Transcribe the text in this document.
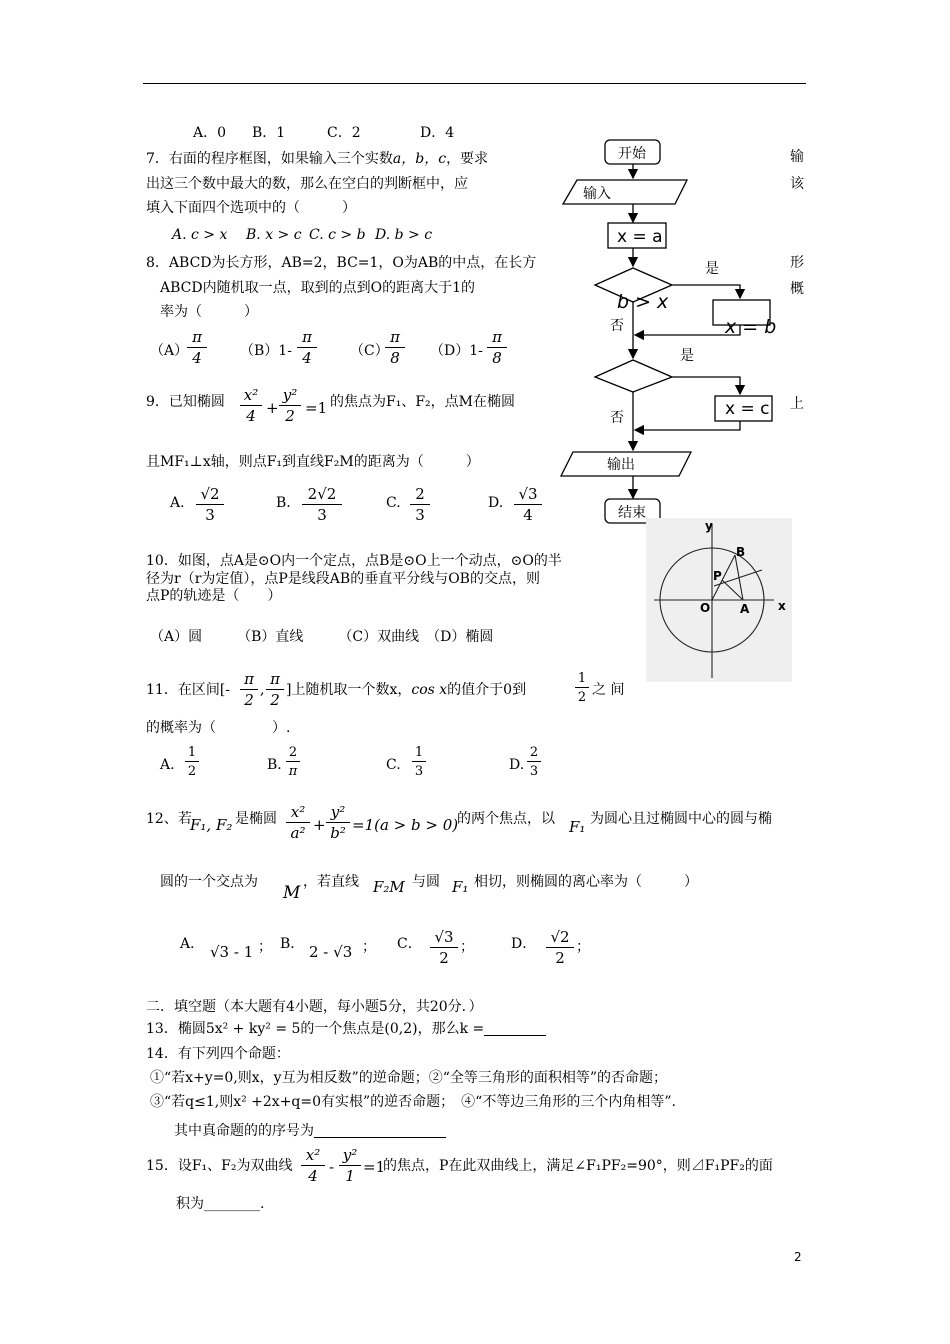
A．0 B．1	C．2	D．4
7．右面的程序框图，如果输入三个实数a，b，c，要求
出这三个数中最大的数，那么在空白的判断框中，应
填入下面四个选项中的（　　　）
A. c > x B. x > c C. c > b D. b > c
8．ABCD为长方形，AB=2，BC=1，O为AB的中点，在长方
ABCD内随机取一点，取到的点到O的距离大于1的
率为（　　　）
（A）
$\frac{\pi}{4} (B)1- \frac{\pi}{4} (C)$
$\frac{\pi}{8} (D)1- \frac{\pi}{8}$
9．已知椭圆 $\frac{\text{x²}}{4} + \frac{\text{y²}}{2} =1$ 的焦点为F₁、F₂，点M在椭圆
且MF₁⊥x轴，则点F₁到直线F₂M的距离为（　　　）
A. $\frac{√2}{3}$	B. $\frac{2√2}{3}$	C. $\frac{2}{3}$	D. $\frac{√3}{4}$
10．如图，点A是⊙O内一个定点，点B是⊙O上一个动点，⊙O的半
径为r（r为定值），点P是线段AB的垂直平分线与OB的交点，则
点P的轨迹是（　　）
（A）圆　　　（B）直线　　　（C）双曲线　（D）椭圆
11．在区间[- $\frac{\pi}{2}$ , $\frac{\pi}{2}$ ]上随机取一个数x，cos x的值介于0到	$\frac{1}{2}$ 之 间
的概率为（　　　　）.
A. $\frac{1}{2}$	B. $\frac{2}{\pi}$	C. $\frac{1}{3}$	D. $\frac{2}{3}$
12、若
F₁, F₂ 是椭圆 $\frac{\text{x²}}{\text{a²}} + \frac{\text{y²}}{\text{b²}} =1(a > b > 0)$
的两个焦点，以 F₁ 为圆心且过椭圆中心的圆与椭
圆的一个交点为
M
，若直线 F₂M 与圆 F₁ 相切，则椭圆的离心率为（　　　）
A． √3 - 1 ； B． 2 - √3 ； C． $\frac{√3}{2}$ ；	D． $\frac{√2}{2}$ ；
二．填空题（本大题有4小题，每小题5分，共20分．）
13．椭圆5x² + ky² = 5的一个焦点是(0,2)，那么k =
14．有下列四个命题：
①“若x+y=0,则x，y互为相反数”的逆命题；②“全等三角形的面积相等”的否命题；
③“若q≤1,则x² +2x+q=0有实根”的逆否命题；　④“不等边三角形的三个内角相等”.
其中真命题的的序号为
15．设F₁、F₂为双曲线 $\frac{\text{x²}}{4} - \frac{\text{y²}}{1} =1$
的焦点，P在此双曲线上，满足∠F₁PF₂=90°，则⊿F₁PF₂的面
积为________.
输
该
形
概
上
开始
输入
x = a
b > x
是
否	x = b
是
否	x = c
输出
结束
y
x
O A
B
P
2
